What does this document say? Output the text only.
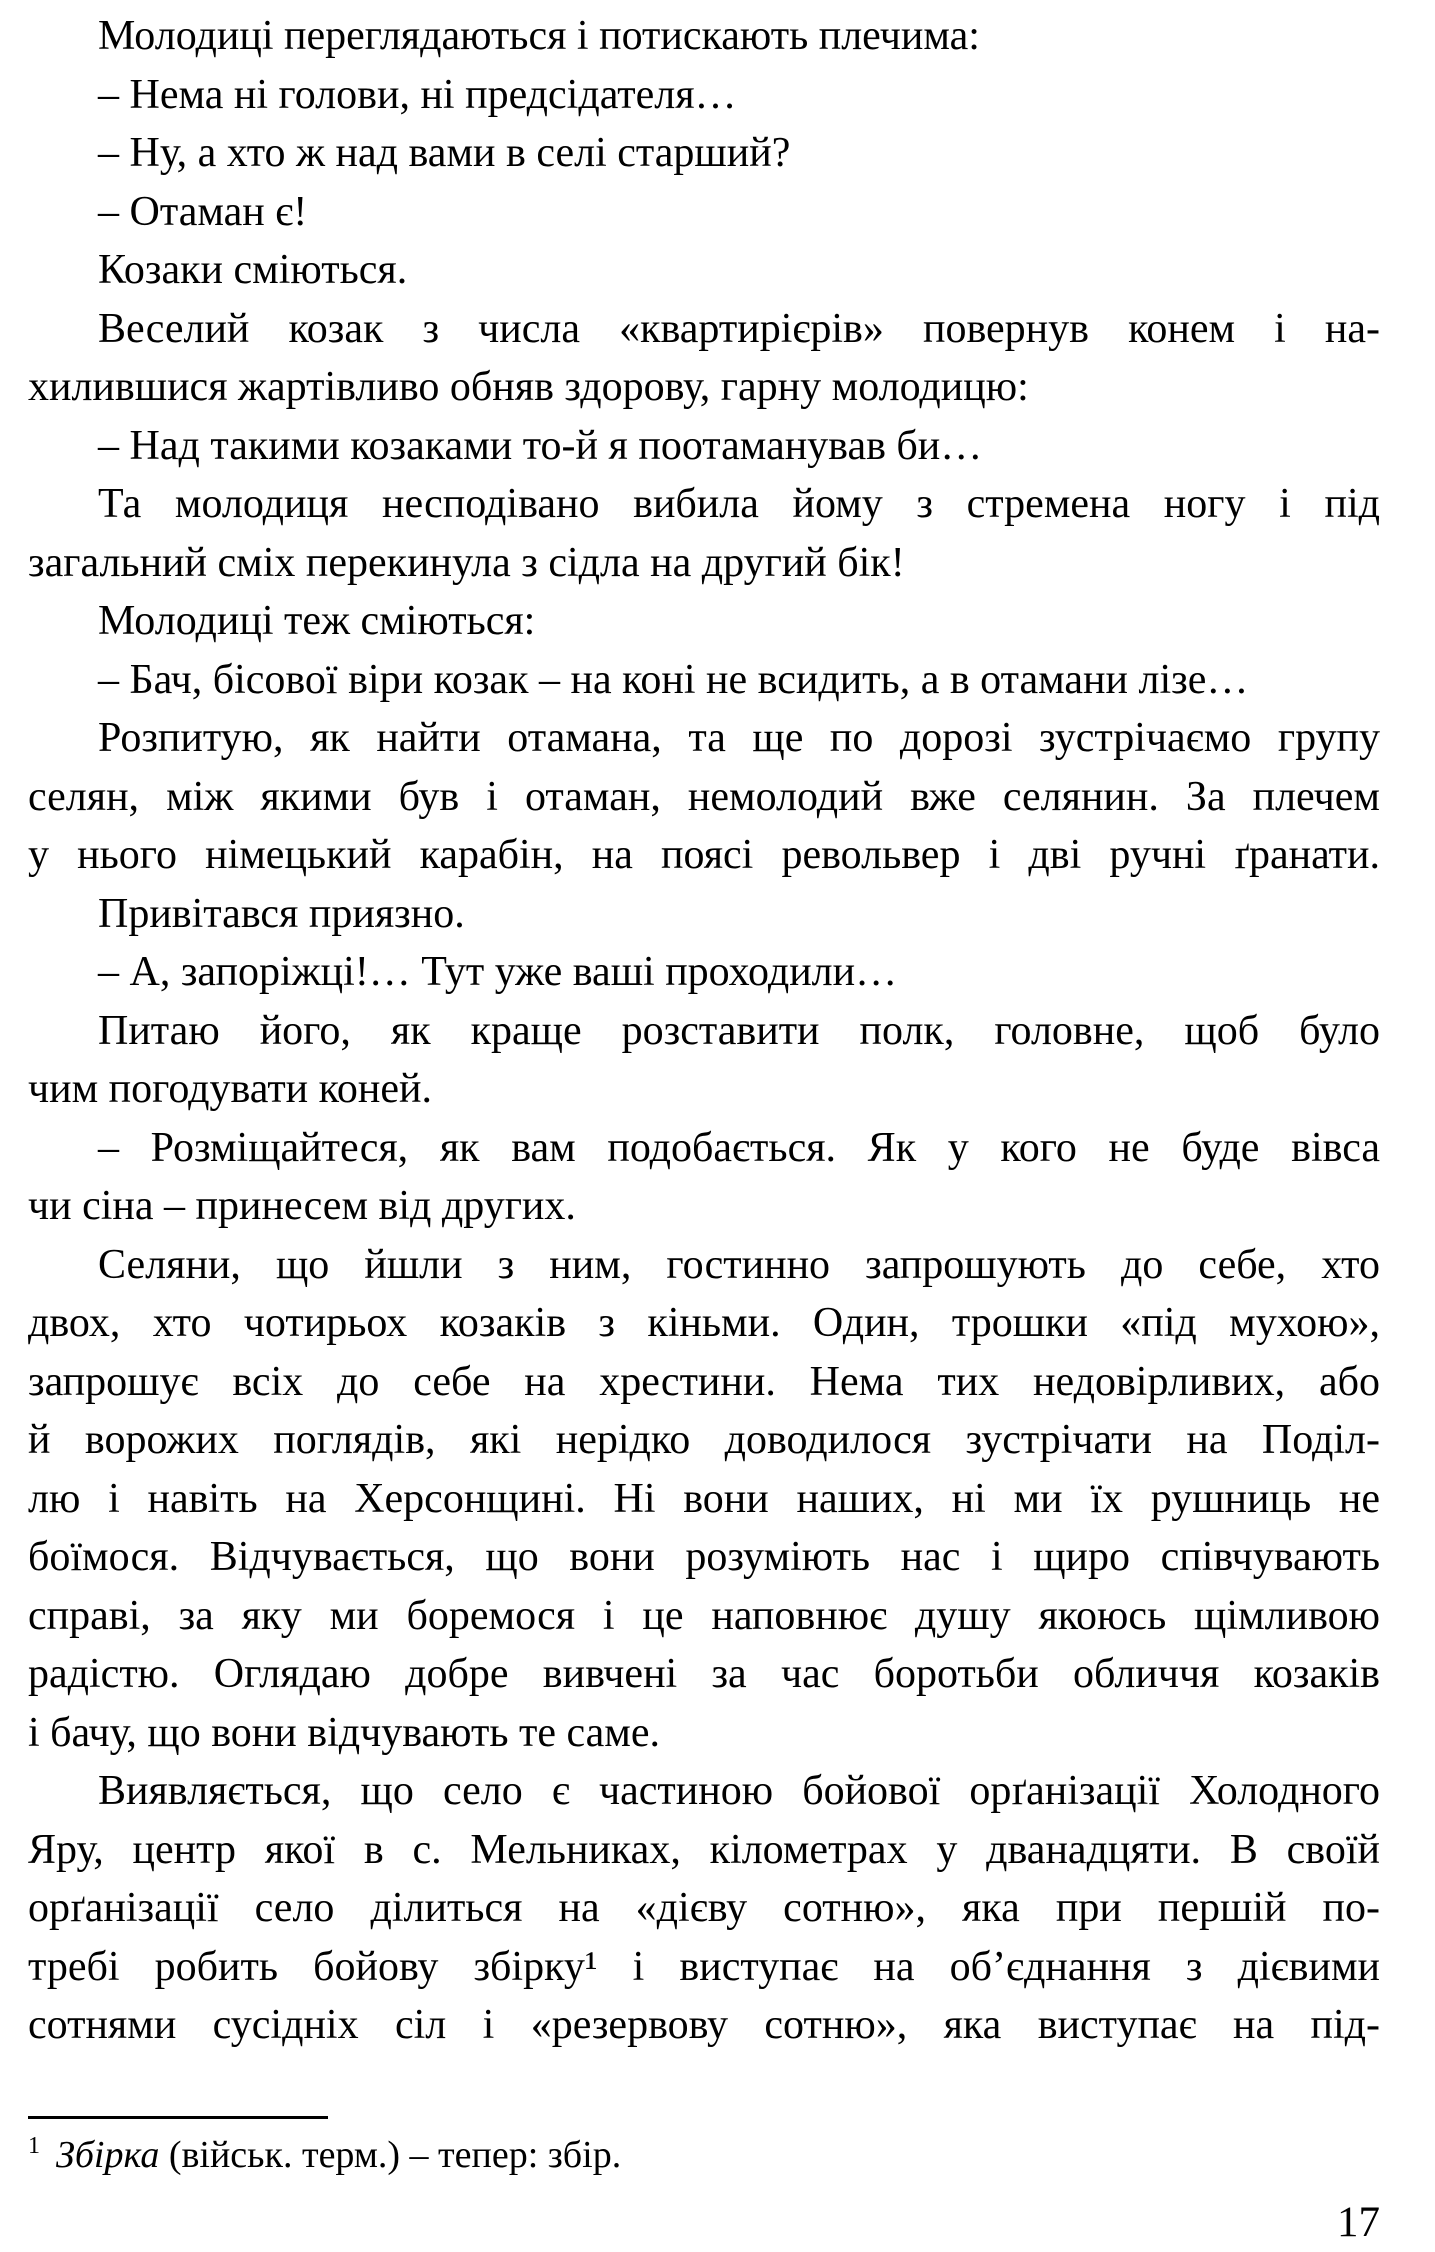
Молодиці переглядаються і потискають плечима:
– Нема ні голови, ні предсідателя…
– Ну, а хто ж над вами в селі старший?
– Отаман є!
Козаки сміються.
Веселий козак з числа «квартирієрів» повернув конем і на-
хилившися жартівливо обняв здорову, гарну молодицю:
– Над такими козаками то-й я поотаманував би…
Та молодиця несподівано вибила йому з стремена ногу і під
загальний сміх перекинула з сідла на другий бік!
Молодиці теж сміються:
– Бач, бісової віри козак – на коні не всидить, а в отамани лізе…
Розпитую, як найти отамана, та ще по дорозі зустрічаємо групу
селян, між якими був і отаман, немолодий вже селянин. За плечем
у нього німецький карабін, на поясі револьвер і дві ручні ґранати.
Привітався приязно.
– А, запоріжці!… Тут уже ваші проходили…
Питаю його, як краще розставити полк, головне, щоб було
чим погодувати коней.
– Розміщайтеся, як вам подобається. Як у кого не буде вівса
чи сіна – принесем від других.
Селяни, що йшли з ним, гостинно запрошують до себе, хто
двох, хто чотирьох козаків з кіньми. Один, трошки «під мухою»,
запрошує всіх до себе на хрестини. Нема тих недовірливих, або
й ворожих поглядів, які нерідко доводилося зустрічати на Поділ-
лю і навіть на Херсонщині. Ні вони наших, ні ми їх рушниць не
боїмося. Відчувається, що вони розуміють нас і щиро співчувають
справі, за яку ми боремося і це наповнює душу якоюсь щімливою
радістю. Оглядаю добре вивчені за час боротьби обличчя козаків
і бачу, що вони відчувають те саме.
Виявляється, що село є частиною бойової орґанізації Холодного
Яру, центр якої в с. Мельниках, кілометрах у дванадцяти. В своїй
орґанізації село ділиться на «дієву сотню», яка при першій по-
требі робить бойову збірку¹ і виступає на об’єднання з дієвими
сотнями сусідніх сіл і «резервову сотню», яка виступає на під-
$^1$ Збірка (військ. терм.) – тепер: збір.
17
